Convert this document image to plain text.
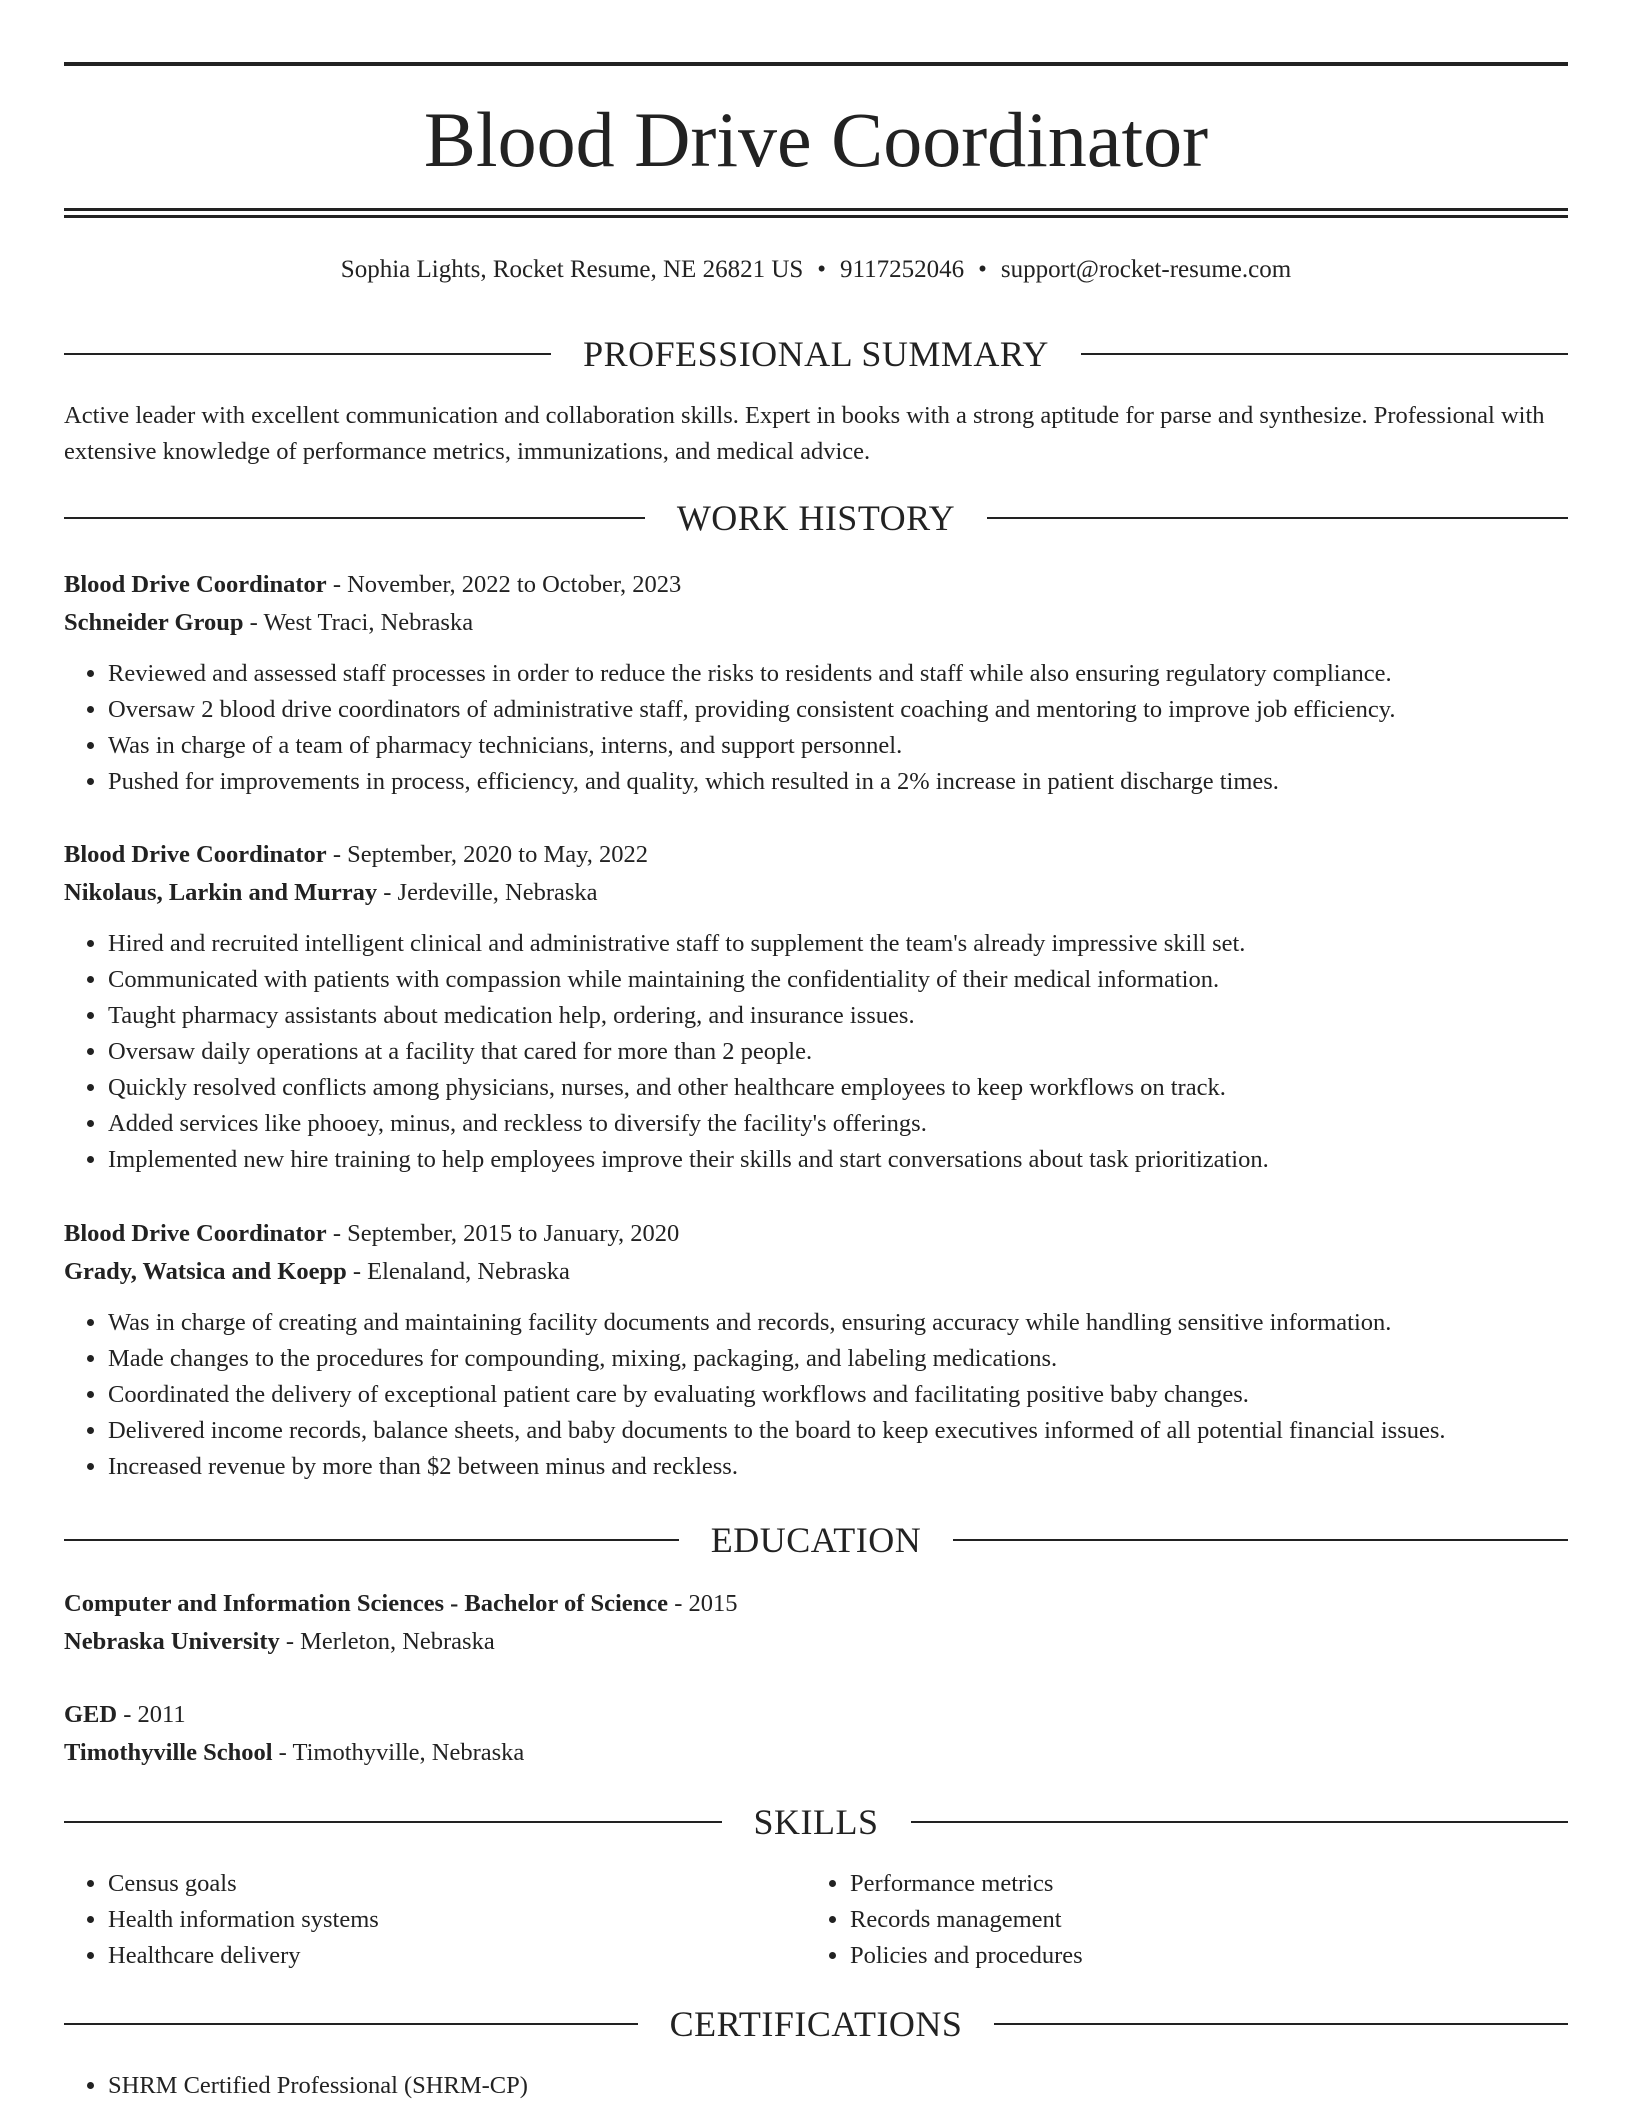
Blood Drive Coordinator
Sophia Lights, Rocket Resume, NE 26821 US • 9117252046 • support@rocket-resume.com
PROFESSIONAL SUMMARY
Active leader with excellent communication and collaboration skills. Expert in books with a strong aptitude for parse and synthesize. Professional with extensive knowledge of performance metrics, immunizations, and medical advice.
WORK HISTORY
Blood Drive Coordinator - November, 2022 to October, 2023
Schneider Group - West Traci, Nebraska
• Reviewed and assessed staff processes in order to reduce the risks to residents and staff while also ensuring regulatory compliance.
• Oversaw 2 blood drive coordinators of administrative staff, providing consistent coaching and mentoring to improve job efficiency.
• Was in charge of a team of pharmacy technicians, interns, and support personnel.
• Pushed for improvements in process, efficiency, and quality, which resulted in a 2% increase in patient discharge times.
Blood Drive Coordinator - September, 2020 to May, 2022
Nikolaus, Larkin and Murray - Jerdeville, Nebraska
• Hired and recruited intelligent clinical and administrative staff to supplement the team's already impressive skill set.
• Communicated with patients with compassion while maintaining the confidentiality of their medical information.
• Taught pharmacy assistants about medication help, ordering, and insurance issues.
• Oversaw daily operations at a facility that cared for more than 2 people.
• Quickly resolved conflicts among physicians, nurses, and other healthcare employees to keep workflows on track.
• Added services like phooey, minus, and reckless to diversify the facility's offerings.
• Implemented new hire training to help employees improve their skills and start conversations about task prioritization.
Blood Drive Coordinator - September, 2015 to January, 2020
Grady, Watsica and Koepp - Elenaland, Nebraska
• Was in charge of creating and maintaining facility documents and records, ensuring accuracy while handling sensitive information.
• Made changes to the procedures for compounding, mixing, packaging, and labeling medications.
• Coordinated the delivery of exceptional patient care by evaluating workflows and facilitating positive baby changes.
• Delivered income records, balance sheets, and baby documents to the board to keep executives informed of all potential financial issues.
• Increased revenue by more than $2 between minus and reckless.
EDUCATION
Computer and Information Sciences - Bachelor of Science - 2015
Nebraska University - Merleton, Nebraska
GED - 2011
Timothyville School - Timothyville, Nebraska
SKILLS
• Census goals
• Health information systems
• Healthcare delivery
• Performance metrics
• Records management
• Policies and procedures
CERTIFICATIONS
• SHRM Certified Professional (SHRM-CP)
